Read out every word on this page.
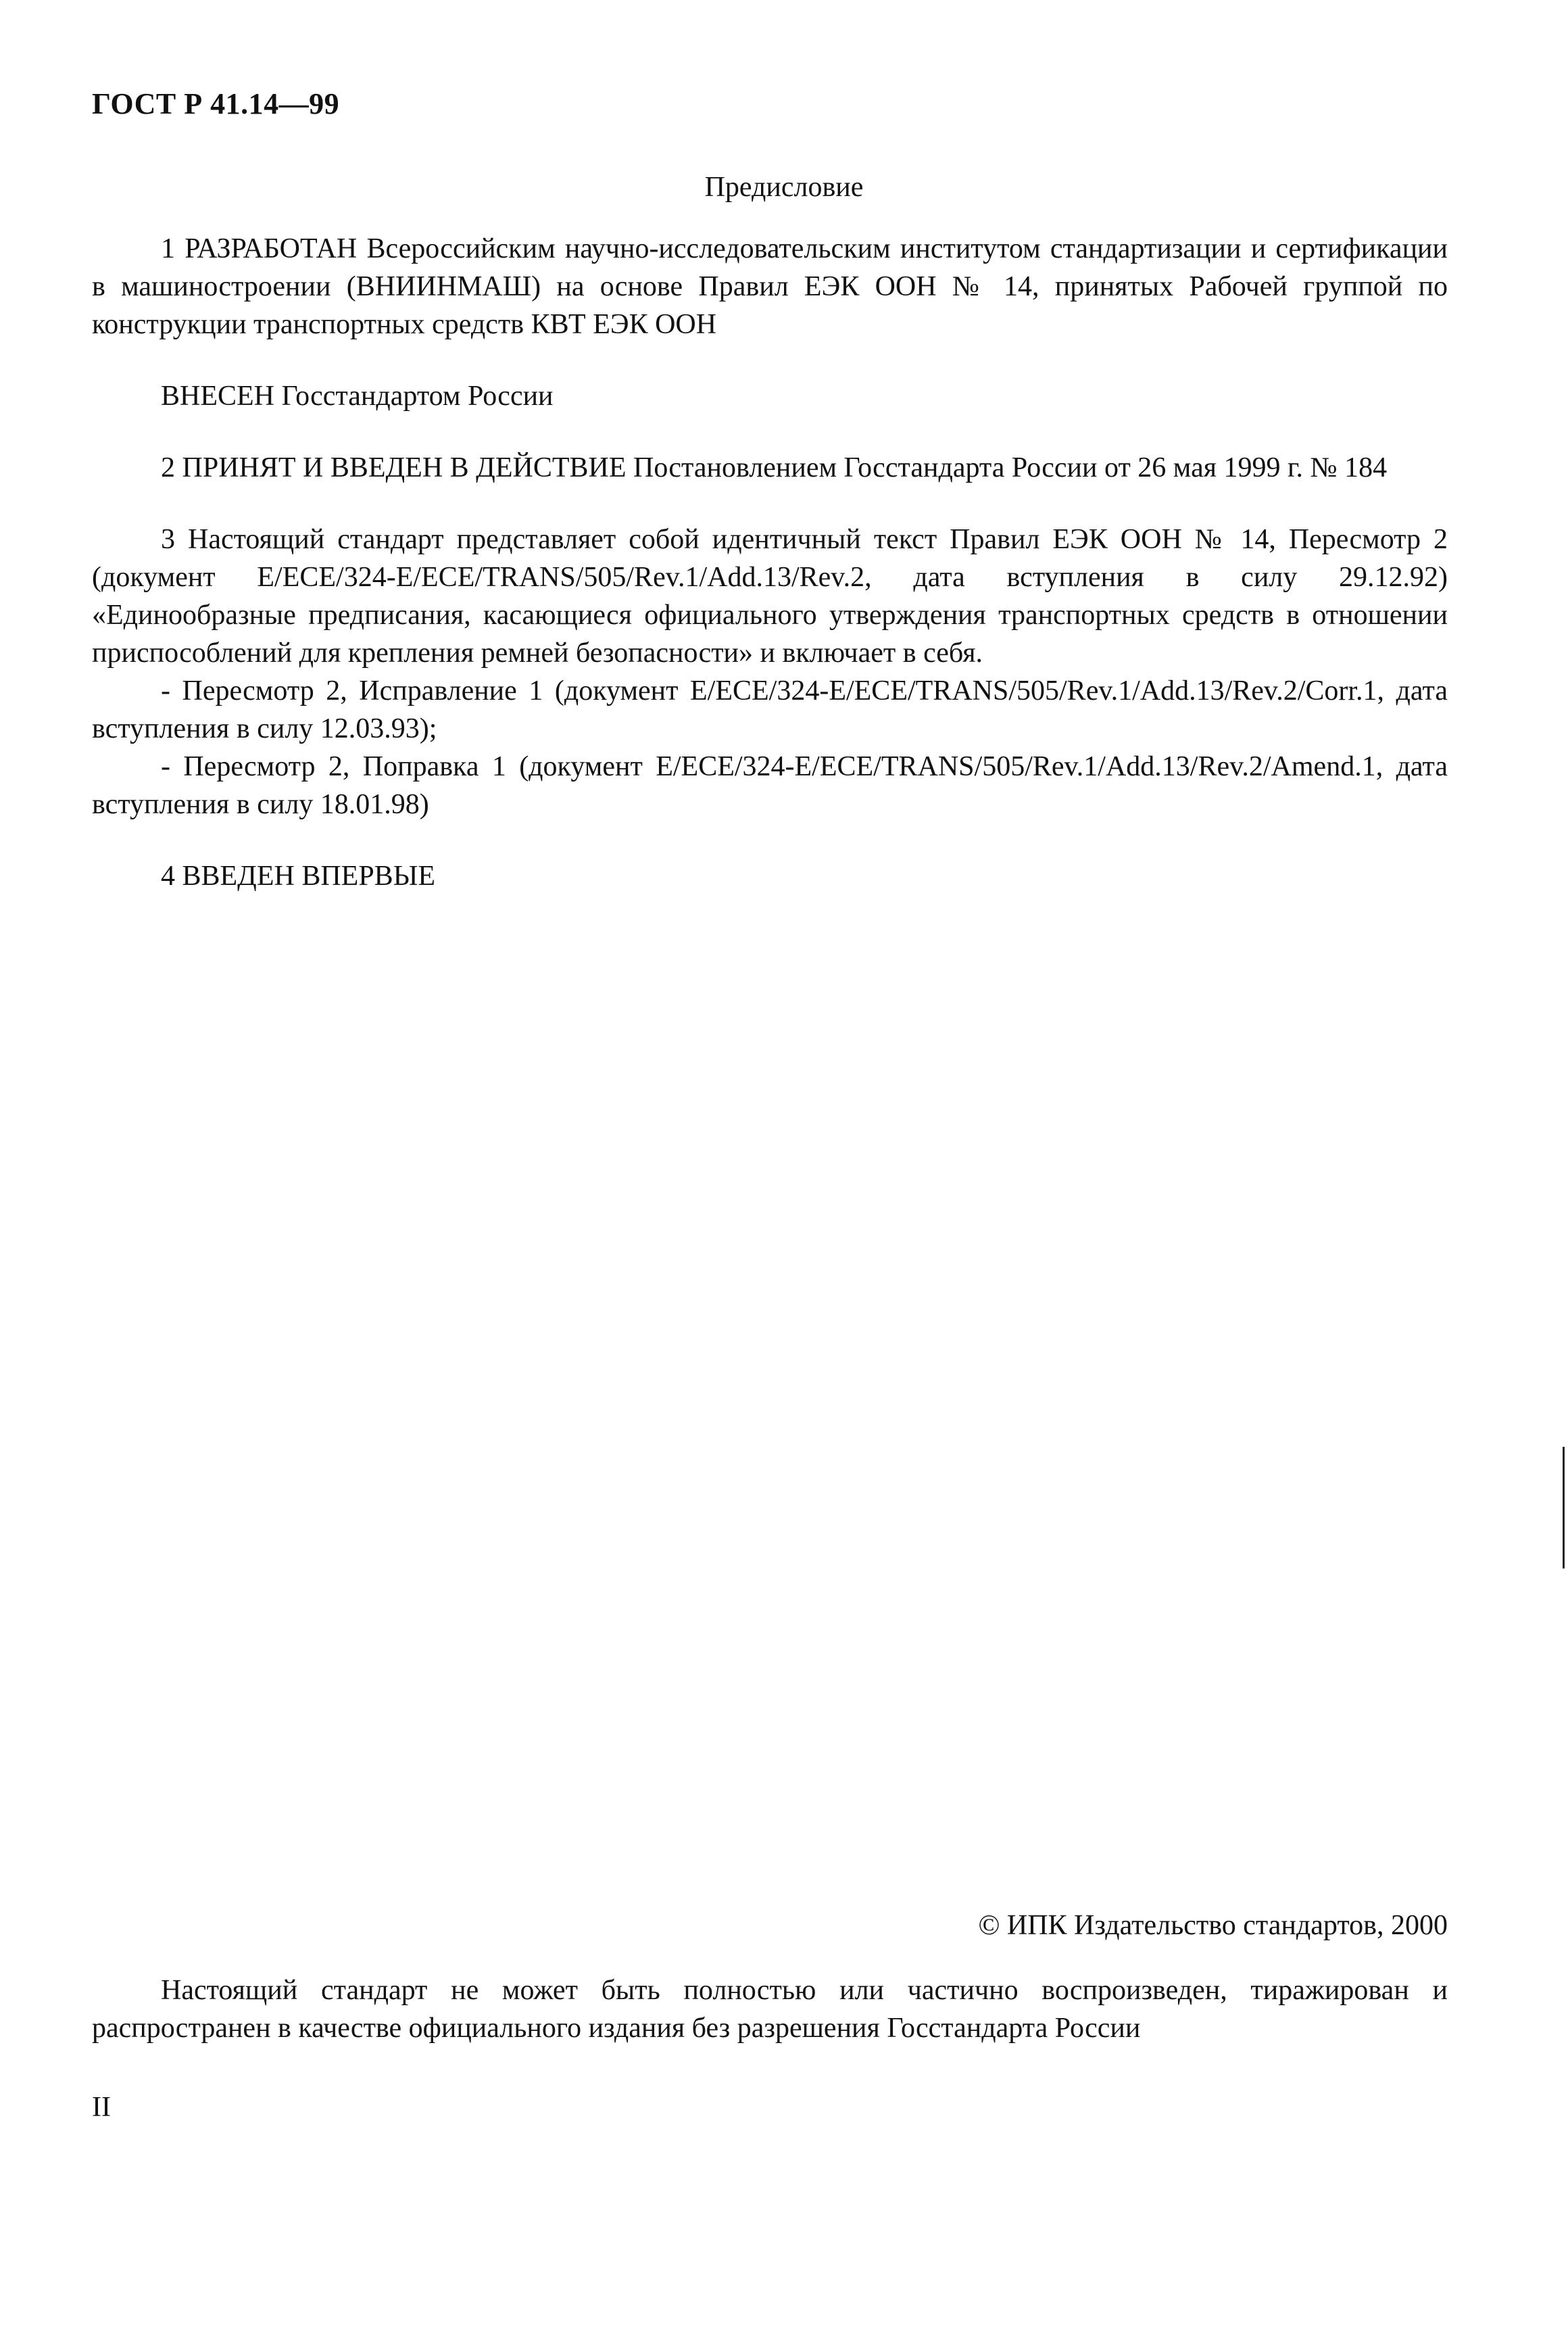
ГОСТ Р 41.14—99
Предисловие

1 РАЗРАБОТАН Всероссийским научно-исследовательским институтом стандартизации и сертификации в машиностроении (ВНИИНМАШ) на основе Правил ЕЭК ООН № 14, принятых Рабочей группой по конструкции транспортных средств КВТ ЕЭК ООН

ВНЕСЕН Госстандартом России

2 ПРИНЯТ И ВВЕДЕН В ДЕЙСТВИЕ Постановлением Госстандарта России от 26 мая 1999 г. № 184

3 Настоящий стандарт представляет собой идентичный текст Правил ЕЭК ООН № 14, Пересмотр 2 (документ E/ECE/324-E/ECE/TRANS/505/Rev.1/Add.13/Rev.2, дата вступления в силу 29.12.92) «Единообразные предписания, касающиеся официального утверждения транспортных средств в отношении приспособлений для крепления ремней безопасности» и включает в себя.

- Пересмотр 2, Исправление 1 (документ E/ECE/324-E/ECE/TRANS/505/Rev.1/Add.13/Rev.2/Corr.1, дата вступления в силу 12.03.93);

- Пересмотр 2, Поправка 1 (документ E/ECE/324-E/ECE/TRANS/505/Rev.1/Add.13/Rev.2/Amend.1, дата вступления в силу 18.01.98)

4 ВВЕДЕН ВПЕРВЫЕ

© ИПК Издательство стандартов, 2000
Настоящий стандарт не может быть полностью или частично воспроизведен, тиражирован и распространен в качестве официального издания без разрешения Госстандарта России
II
